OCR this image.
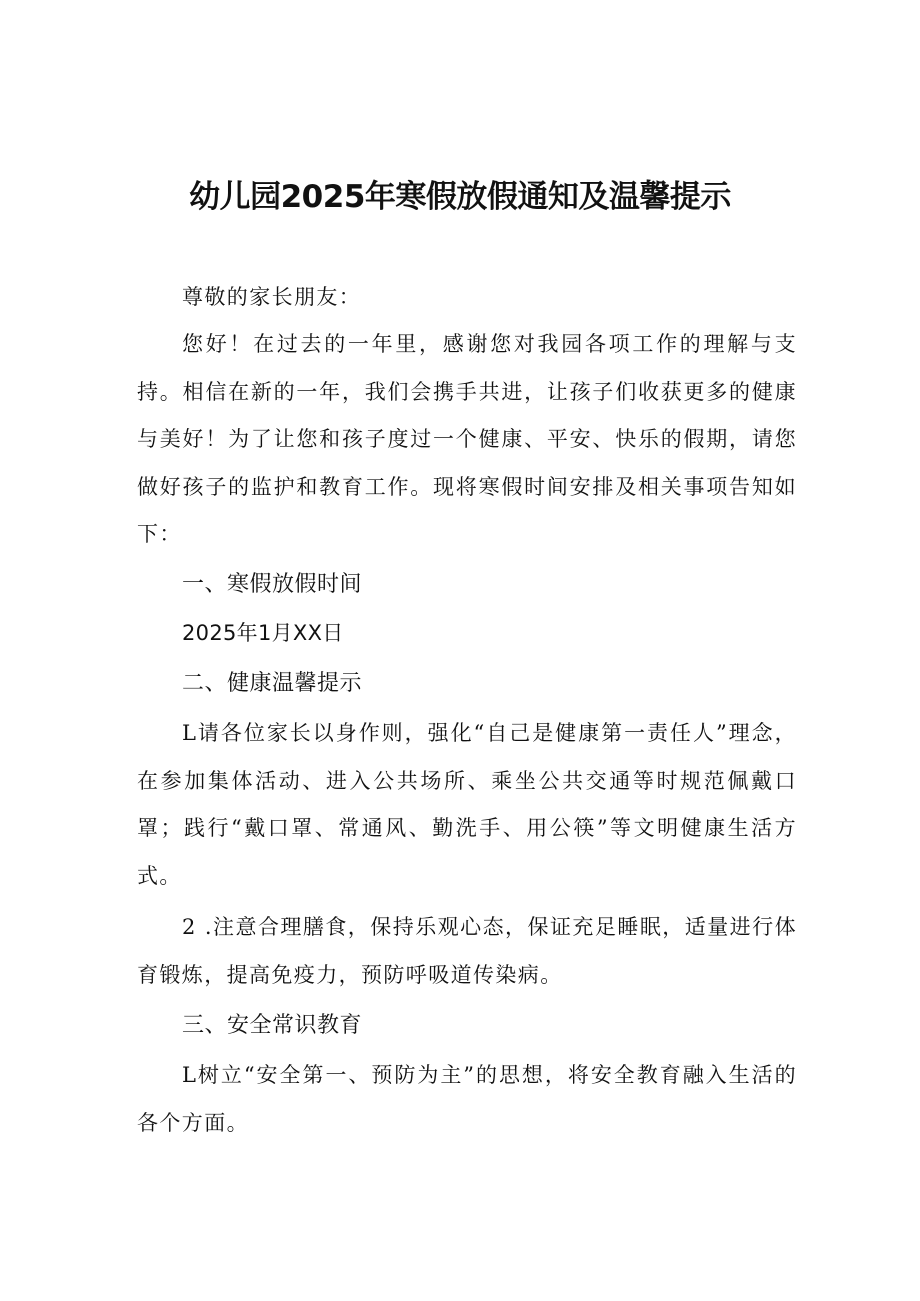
幼儿园2025年寒假放假通知及温馨提示

尊敬的家长朋友：

您好！在过去的一年里，感谢您对我园各项工作的理解与支持。相信在新的一年，我们会携手共进，让孩子们收获更多的健康与美好！为了让您和孩子度过一个健康、平安、快乐的假期，请您做好孩子的监护和教育工作。现将寒假时间安排及相关事项告知如下：

一、寒假放假时间

2025年1月XX日

二、健康温馨提示

L请各位家长以身作则，强化“自己是健康第一责任人”理念，在参加集体活动、进入公共场所、乘坐公共交通等时规范佩戴口罩；践行“戴口罩、常通风、勤洗手、用公筷”等文明健康生活方式。

2 .注意合理膳食，保持乐观心态，保证充足睡眠，适量进行体育锻炼，提高免疫力，预防呼吸道传染病。

三、安全常识教育

L树立“安全第一、预防为主”的思想，将安全教育融入生活的各个方面。
